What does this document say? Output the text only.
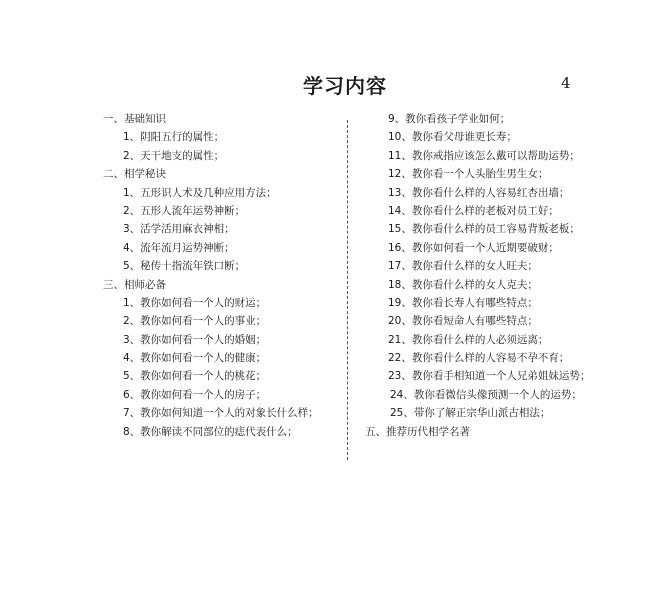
学习内容	4
一、基础知识
1、阴阳五行的属性；
2、天干地支的属性；
二、相学秘诀
1、五形识人术及几种应用方法；
2、五形人流年运势神断；
3、活学活用麻衣神相；
4、流年流月运势神断；
5、秘传十指流年铁口断；
三、相师必备
1、教你如何看一个人的财运；
2、教你如何看一个人的事业；
3、教你如何看一个人的婚姻；
4、教你如何看一个人的健康；
5、教你如何看一个人的桃花；
6、教你如何看一个人的房子；
7、教你如何知道一个人的对象长什么样；
8、教你解读不同部位的痣代表什么；
9、教你看孩子学业如何；
10、教你看父母谁更长寿；
11、教你戒指应该怎么戴可以帮助运势；
12、教你看一个人头胎生男生女；
13、教你看什么样的人容易红杏出墙；
14、教你看什么样的老板对员工好；
15、教你看什么样的员工容易背叛老板；
16、教你如何看一个人近期要破财；
17、教你看什么样的女人旺夫；
18、教你看什么样的女人克夫；
19、教你看长寿人有哪些特点；
20、教你看短命人有哪些特点；
21、教你看什么样的人必须远离；
22、教你看什么样的人容易不孕不育；
23、教你看手相知道一个人兄弟姐妹运势；
24、教你看微信头像预测一个人的运势；
25、带你了解正宗华山派古相法；
五、推荐历代相学名著
